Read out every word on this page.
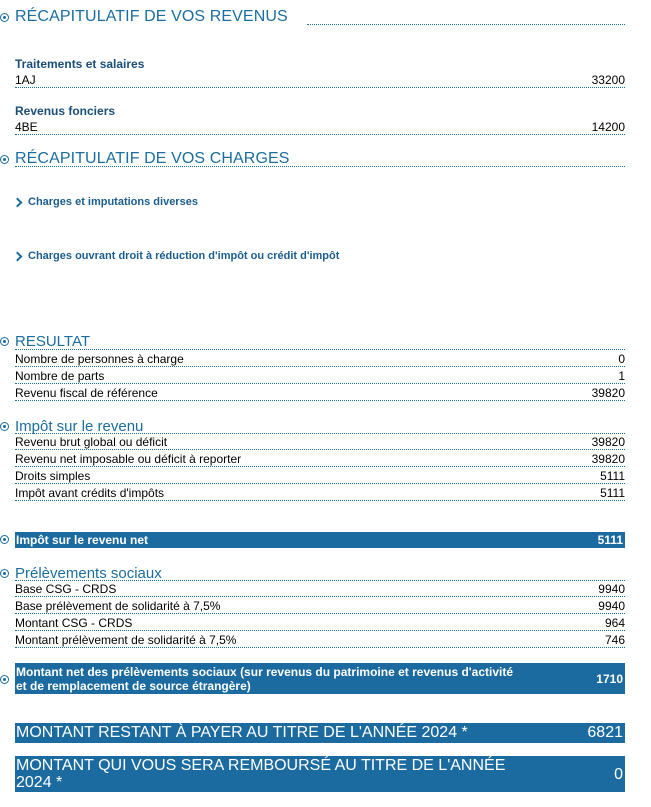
RÉCAPITULATIF DE VOS REVENUS
Traitements et salaires
1AJ	33200
Revenus fonciers
4BE	14200
RÉCAPITULATIF DE VOS CHARGES
Charges et imputations diverses
Charges ouvrant droit à réduction d'impôt ou crédit d'impôt
RESULTAT
Nombre de personnes à charge	0
Nombre de parts	1
Revenu fiscal de référence	39820
Impôt sur le revenu
Revenu brut global ou déficit	39820
Revenu net imposable ou déficit à reporter	39820
Droits simples	5111
Impôt avant crédits d'impôts	5111
Impôt sur le revenu net	5111
Prélèvements sociaux
Base CSG - CRDS	9940
Base prélèvement de solidarité à 7,5%	9940
Montant CSG - CRDS	964
Montant prélèvement de solidarité à 7,5%	746
Montant net des prélèvements sociaux (sur revenus du patrimoine et revenus d'activité et de remplacement de source étrangère)	1710
MONTANT RESTANT À PAYER AU TITRE DE L'ANNÉE 2024 *	6821
MONTANT QUI VOUS SERA REMBOURSÉ AU TITRE DE L'ANNÉE 2024 *	0
